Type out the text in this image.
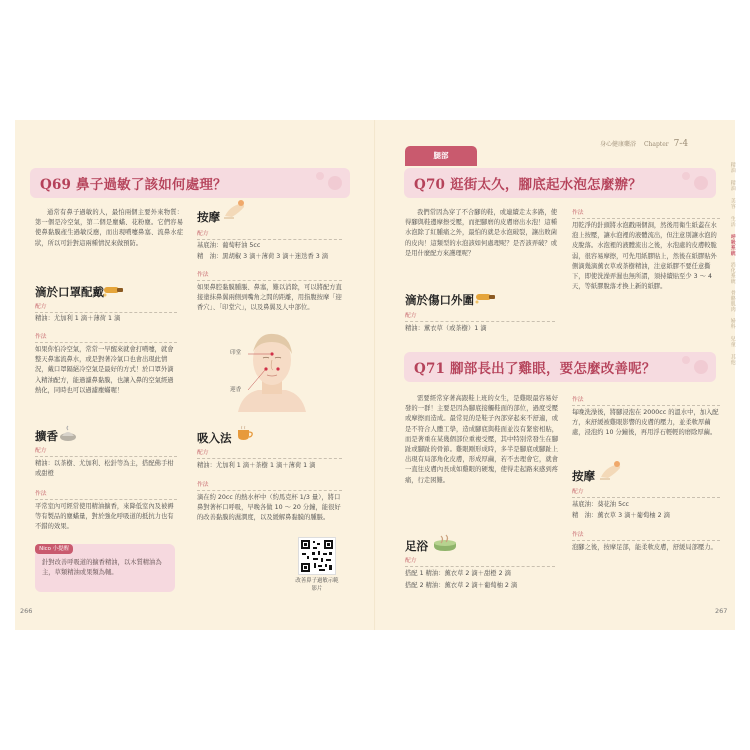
身心健康藥浴 Chapter 7-4
精油
精油
美容
生活
呼吸系統
消化系統
骨骼肌肉
婦科
兒童
其他
Q69 鼻子過敏了該如何處理？
通常有鼻子過敏的人，最怕兩個主要外來物質：第一個是冷空氣，第二個是塵蟎、花粉塵。它們容易使鼻黏膜產生過敏反應，而出現噴嚏鼻塞、流鼻水症狀，所以可針對這兩種情況來做預防。
滴於口罩配戴
配方
精油：尤加利 1 滴＋薄荷 1 滴
作法
如果你怕冷空氣，常常一早醒來就會打噴嚏，就會整天鼻塞流鼻水，或是對著冷氣口也會出現此情況，戴口罩隔絕冷空氣是最好的方式！於口罩外滴入精油配方，能過濾鼻黏膜，也讓入鼻的空氣經過熱化，同時也可以過濾塵蟎喔！
擴香
配方
精油：以茶樹、尤加利、松針等為主，搭配佛手柑或甜橙
作法
平常室內可經常使用精油擴香，來降低室內及被褥等有製品的塵蟎量，對於強化呼吸道的抵抗力也有不錯的效果。
Nico 小提醒
針對改善呼吸道的擴香精油，以木質精油為主，草類精油或果類為輔。
按摩
配方
基底油：葡萄籽油 5cc
精　油：黑胡椒 3 滴＋薄荷 3 滴＋迷迭香 3 滴
作法
如果鼻腔黏膜腫脹、鼻塞，難以消除，可以將配方直接塗抹鼻翼兩側到嘴角之間的距離，用指腹按摩「迎香穴」、「印堂穴」，以及鼻翼及人中部位。
印堂
迎香
吸入法
配方
精油：尤加利 1 滴＋茶樹 1 滴＋薄荷 1 滴
作法
滴在約 20cc 的熱水杯中（約馬克杯 1/3 量），將口鼻對著杯口呼吸，早晚各做 10 ～ 20 分鐘，能很好的改善黏膜的濕潤度，以及緩解鼻黏膜的腫脹。
改善鼻子過敏示範影片
266
腿部
Q70 逛街太久，腳底起水泡怎麼辦？
我們常因為穿了不合腳的鞋，或連續走太多路，使得腳與鞋邊摩擦受壓，而把腳磨的皮膚磨出水泡！這種水泡除了紅腫痛之外，最怕的就是水泡破裂，讓出敗菌的皮肉！這類型的水泡該如何處理呢？是否該弄破？或是用什麼配方來護理呢？
滴於傷口外圍
配方
精油：薰衣草（或茶樹）1 滴
作法
用乾淨的針頭將水泡戳兩個洞，然後用衛生紙蓋在水泡上按壓，讓水泡裡的液體流出，但注意別讓水泡的皮脫落。水泡裡的液體流出之後，水泡處的皮膚較脆弱，很容易摩擦，可先用紙膠貼上，然後在紙膠貼外側滴幾滴薰衣草或茶樹精油，注意紙膠不要任意撕下，即使洗澡弄濕也無所謂，須持續貼至少 3 ～ 4 天，等紙膠脫落才換上新的紙膠。
Q71 腳部長出了雞眼，要怎麼改善呢？
需要經常穿著高跟鞋上班的女生，是雞眼最容易好發的一群！主要是因為腳底接觸鞋面的部位，過度受壓或摩擦而造成。最常見的是鞋子內部穿起來不舒適，或是不符合人體工學，造成腳底與鞋面並沒有緊密相貼，而是著重在某幾個部位重複受壓，其中特別常發生在腳趾或腳趾的骨節。雞眼剛形成時，多半是腳底或腳趾上出現有局部角化皮膚，形成厚繭，若不去理會它，就會一直往皮膚內長成如雞眼的硬塊，使得走起路來感到疼痛，行走困難。
足浴
配方
搭配 1 精油：薰衣草 2 滴＋甜橙 2 滴
搭配 2 精油：薰衣草 2 滴＋葡萄柚 2 滴
作法
每晚洗澡後，將腳浸泡在 2000cc 的溫水中，加入配方，來舒緩被雞眼影響的皮膚的壓力，並柔軟厚繭處，浸泡約 10 分鐘後，再用浮石輕輕的磨除厚繭。
按摩
配方
基底油：葵花油 5cc
精　油：薰衣草 3 滴＋葡萄柚 2 滴
作法
泡腳之後，按摩足部，能柔軟皮膚，舒緩局部壓力。
267
